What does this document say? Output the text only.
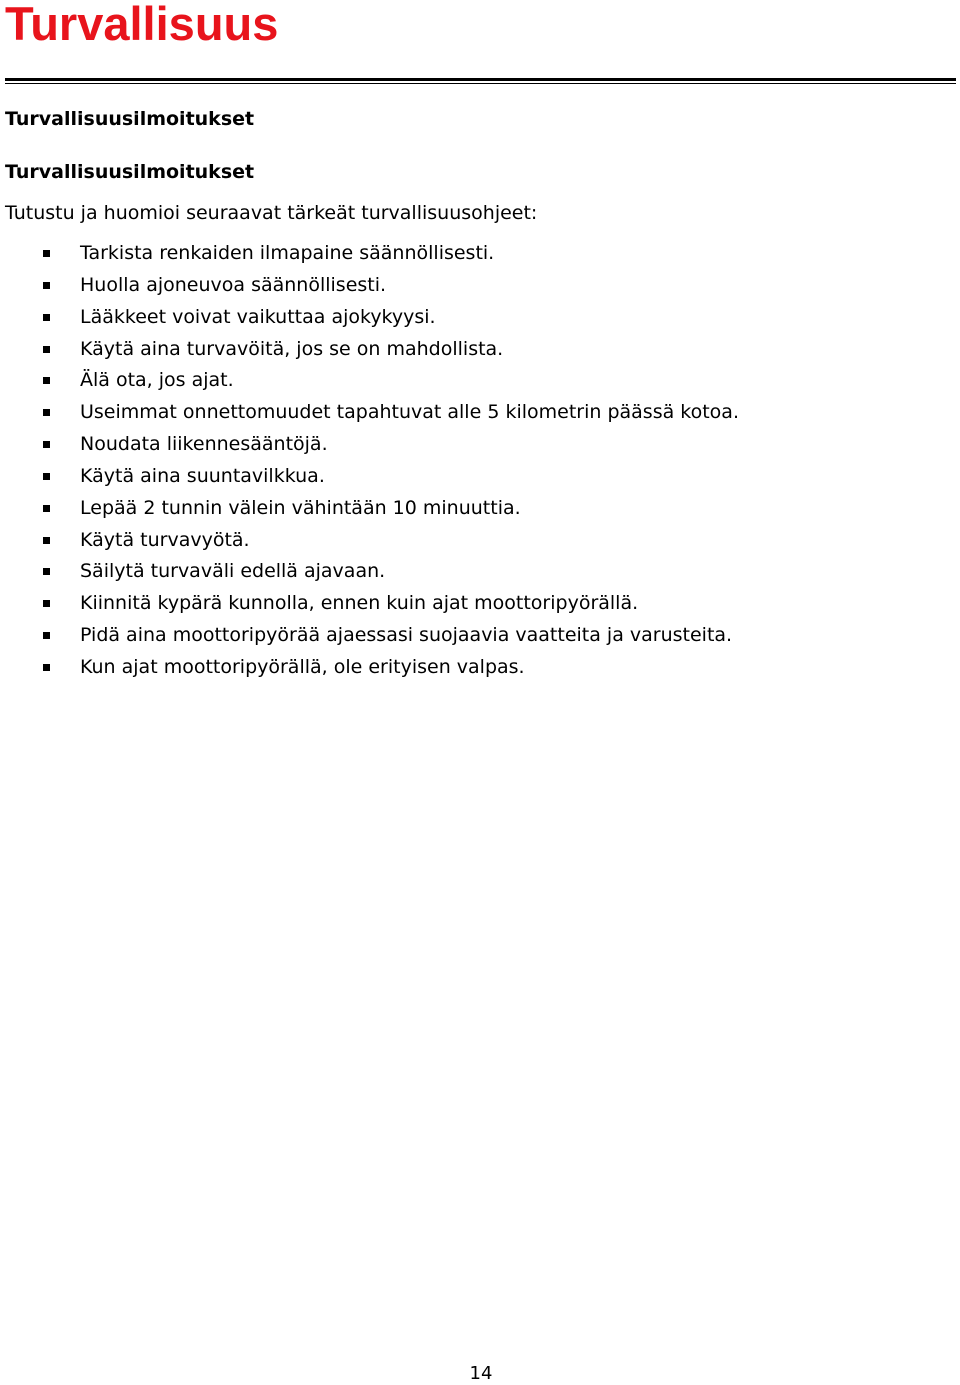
Turvallisuus
Turvallisuusilmoitukset
Turvallisuusilmoitukset

Tutustu ja huomioi seuraavat tärkeät turvallisuusohjeet:

Tarkista renkaiden ilmapaine säännöllisesti.
Huolla ajoneuvoa säännöllisesti.
Lääkkeet voivat vaikuttaa ajokykyysi.
Käytä aina turvavöitä, jos se on mahdollista.
Älä ota, jos ajat.
Useimmat onnettomuudet tapahtuvat alle 5 kilometrin päässä kotoa.
Noudata liikennesääntöjä.
Käytä aina suuntavilkkua.
Lepää 2 tunnin välein vähintään 10 minuuttia.
Käytä turvavyötä.
Säilytä turvaväli edellä ajavaan.
Kiinnitä kypärä kunnolla, ennen kuin ajat moottoripyörällä.
Pidä aina moottoripyörää ajaessasi suojaavia vaatteita ja varusteita.
Kun ajat moottoripyörällä, ole erityisen valpas.
14
